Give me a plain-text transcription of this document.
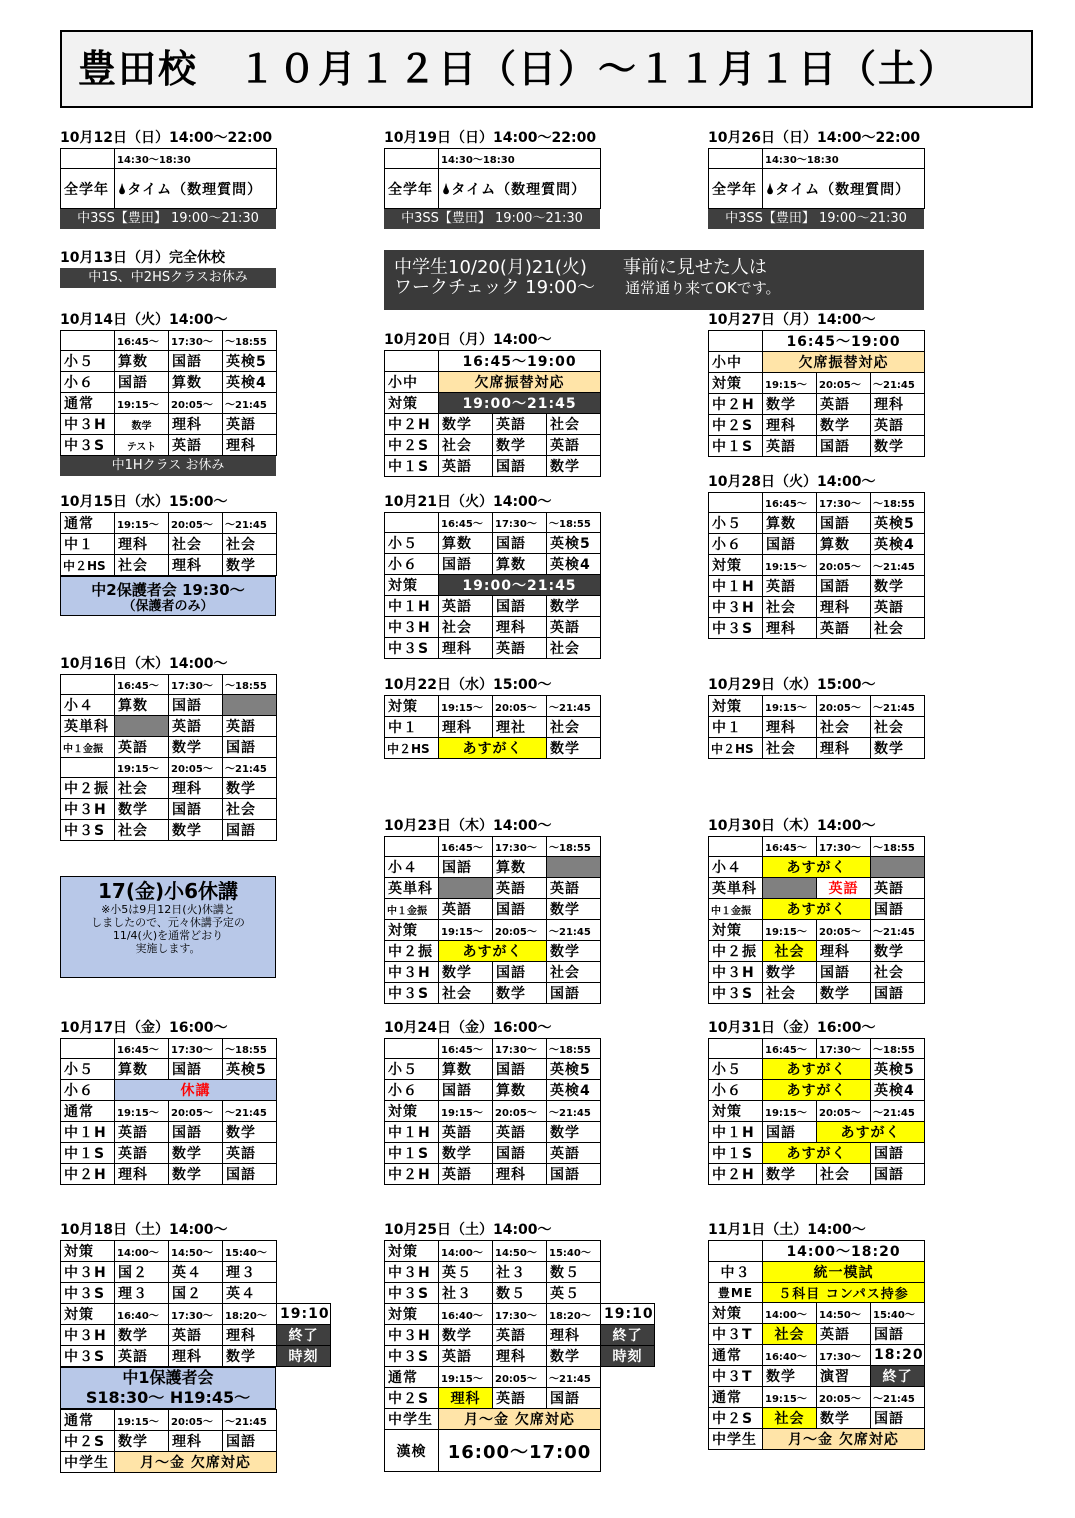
豊田校　１０月１２日（日）～１１月１日（土）
10月12日（日）14:00～22:00
	14:30～18:30
全学年	🌢タイム（数理質問）
中3SS【豊田】 19:00～21:30
10月19日（日）14:00～22:00
	14:30～18:30
全学年	🌢タイム（数理質問）
中3SS【豊田】 19:00～21:30
10月26日（日）14:00～22:00
	14:30～18:30
全学年	🌢タイム（数理質問）
中3SS【豊田】 19:00～21:30
10月13日（月）完全休校
中1S、中2HSクラスお休み	中学生10/20(月)21(火)　　事前に見せた人は
ワークチェック 19:00～ 通常通り来てOKです。
10月14日（火）14:00～
	16:45～	17:30～	～18:55
小５	算数	国語	英検5
小６	国語	算数	英検4
通常	19:15～	20:05～	～21:45
中３H	数学	理科	英語
中３S	テスト	英語	理科
中1Hクラス お休み
10月20日（月）14:00～
	16:45～19:00		
小中	欠席振替対応		
対策	19:00～21:45		
中２H	数学	英語	社会
中２S	社会	数学	英語
中１S	英語	国語	数学
10月27日（月）14:00～
	16:45～19:00		
小中	欠席振替対応		
対策	19:15～	20:05～	～21:45
中２H	数学	英語	理科
中２S	理科	数学	英語
中１S	英語	国語	数学
10月15日（水）15:00～
通常	19:15～	20:05～	～21:45
中１	理科	社会	社会
中２HS	社会	理科	数学
中2保護者会 19:30～
（保護者のみ）
10月21日（火）14:00～
	16:45～	17:30～	～18:55
小５	算数	国語	英検5
小６	国語	算数	英検4
対策	19:00～21:45		
中１H	英語	国語	数学
中３H	社会	理科	英語
中３S	理科	英語	社会
10月28日（火）14:00～
	16:45～	17:30～	～18:55
小５	算数	国語	英検5
小６	国語	算数	英検4
対策	19:15～	20:05～	～21:45
中１H	英語	国語	数学
中３H	社会	理科	英語
中３S	理科	英語	社会
10月16日（木）14:00～
	16:45～	17:30～	～18:55
小４	算数	国語	
英単科		英語	英語
中１金振	英語	数学	国語
	19:15～	20:05～	～21:45
中２振	社会	理科	数学
中３H	数学	国語	社会
中３S	社会	数学	国語
10月22日（水）15:00～
対策	19:15～	20:05～	～21:45
中１	理科	理社	社会
中２HS	あすがく		数学
10月29日（水）15:00～
対策	19:15～	20:05～	～21:45
中１	理科	社会	社会
中２HS	社会	理科	数学
10月23日（木）14:00～
	16:45～	17:30～	～18:55
小４	国語	算数	
英単科		英語	英語
中１金振	英語	国語	数学
対策	19:15～	20:05～	～21:45
中２振	あすがく		数学
中３H	数学	国語	社会
中３S	社会	数学	国語
10月30日（木）14:00～
	16:45～	17:30～	～18:55
小４	あすがく		
英単科		英語	英語
中１金振	あすがく		国語
対策	19:15～	20:05～	～21:45
中２振	社会	理科	数学
中３H	数学	国語	社会
中３S	社会	数学	国語
17(金)小6休講
※小5は9月12日(火)休講と
しましたので、元々休講予定の
11/4(火)を通常どおり
実施します。
10月17日（金）16:00～
	16:45～	17:30～	～18:55
小５	算数	国語	英検5
小６	休講		
通常	19:15～	20:05～	～21:45
中１H	英語	国語	数学
中１S	英語	数学	英語
中２H	理科	数学	国語
10月24日（金）16:00～
	16:45～	17:30～	～18:55
小５	算数	国語	英検5
小６	国語	算数	英検4
対策	19:15～	20:05～	～21:45
中１H	英語	英語	数学
中１S	数学	国語	英語
中２H	英語	理科	国語
10月31日（金）16:00～
	16:45～	17:30～	～18:55
小５	あすがく		英検5
小６	あすがく		英検4
対策	19:15～	20:05～	～21:45
中１H	国語	あすがく	
中１S	あすがく		国語
中２H	数学	社会	国語
10月18日（土）14:00～
対策	14:00～	14:50～	15:40～	
中３H	国２	英４	理３	
中３S	理３	国２	英４	
対策	16:40～	17:30～	18:20～	19:10
中３H	数学	英語	理科	終了
中３S	英語	理科	数学	時刻
中1保護者会
S18:30～ H19:45～
通常	19:15～	20:05～	～21:45
中２S	数学	理科	国語
中学生	月～金 欠席対応		
10月25日（土）14:00～
対策	14:00～	14:50～	15:40～	
中３H	英５	社３	数５	
中３S	社３	数５	英５	
対策	16:40～	17:30～	18:20～	19:10
中３H	数学	英語	理科	終了
中３S	英語	理科	数学	時刻
通常	19:15～	20:05～	～21:45	
中２S	理科	英語	国語	
中学生	月～金 欠席対応			
漢検	16:00～17:00			
11月1日（土）14:00～
	14:00～18:20		
中３	統一模試		
豊ME	５科目 コンパス持参		
対策	14:00～	14:50～	15:40～
中３T	社会	英語	国語
通常	16:40～	17:30～	18:20
中３T	数学	演習	終了
通常	19:15～	20:05～	～21:45
中２S	社会	数学	国語
中学生	月～金 欠席対応		
